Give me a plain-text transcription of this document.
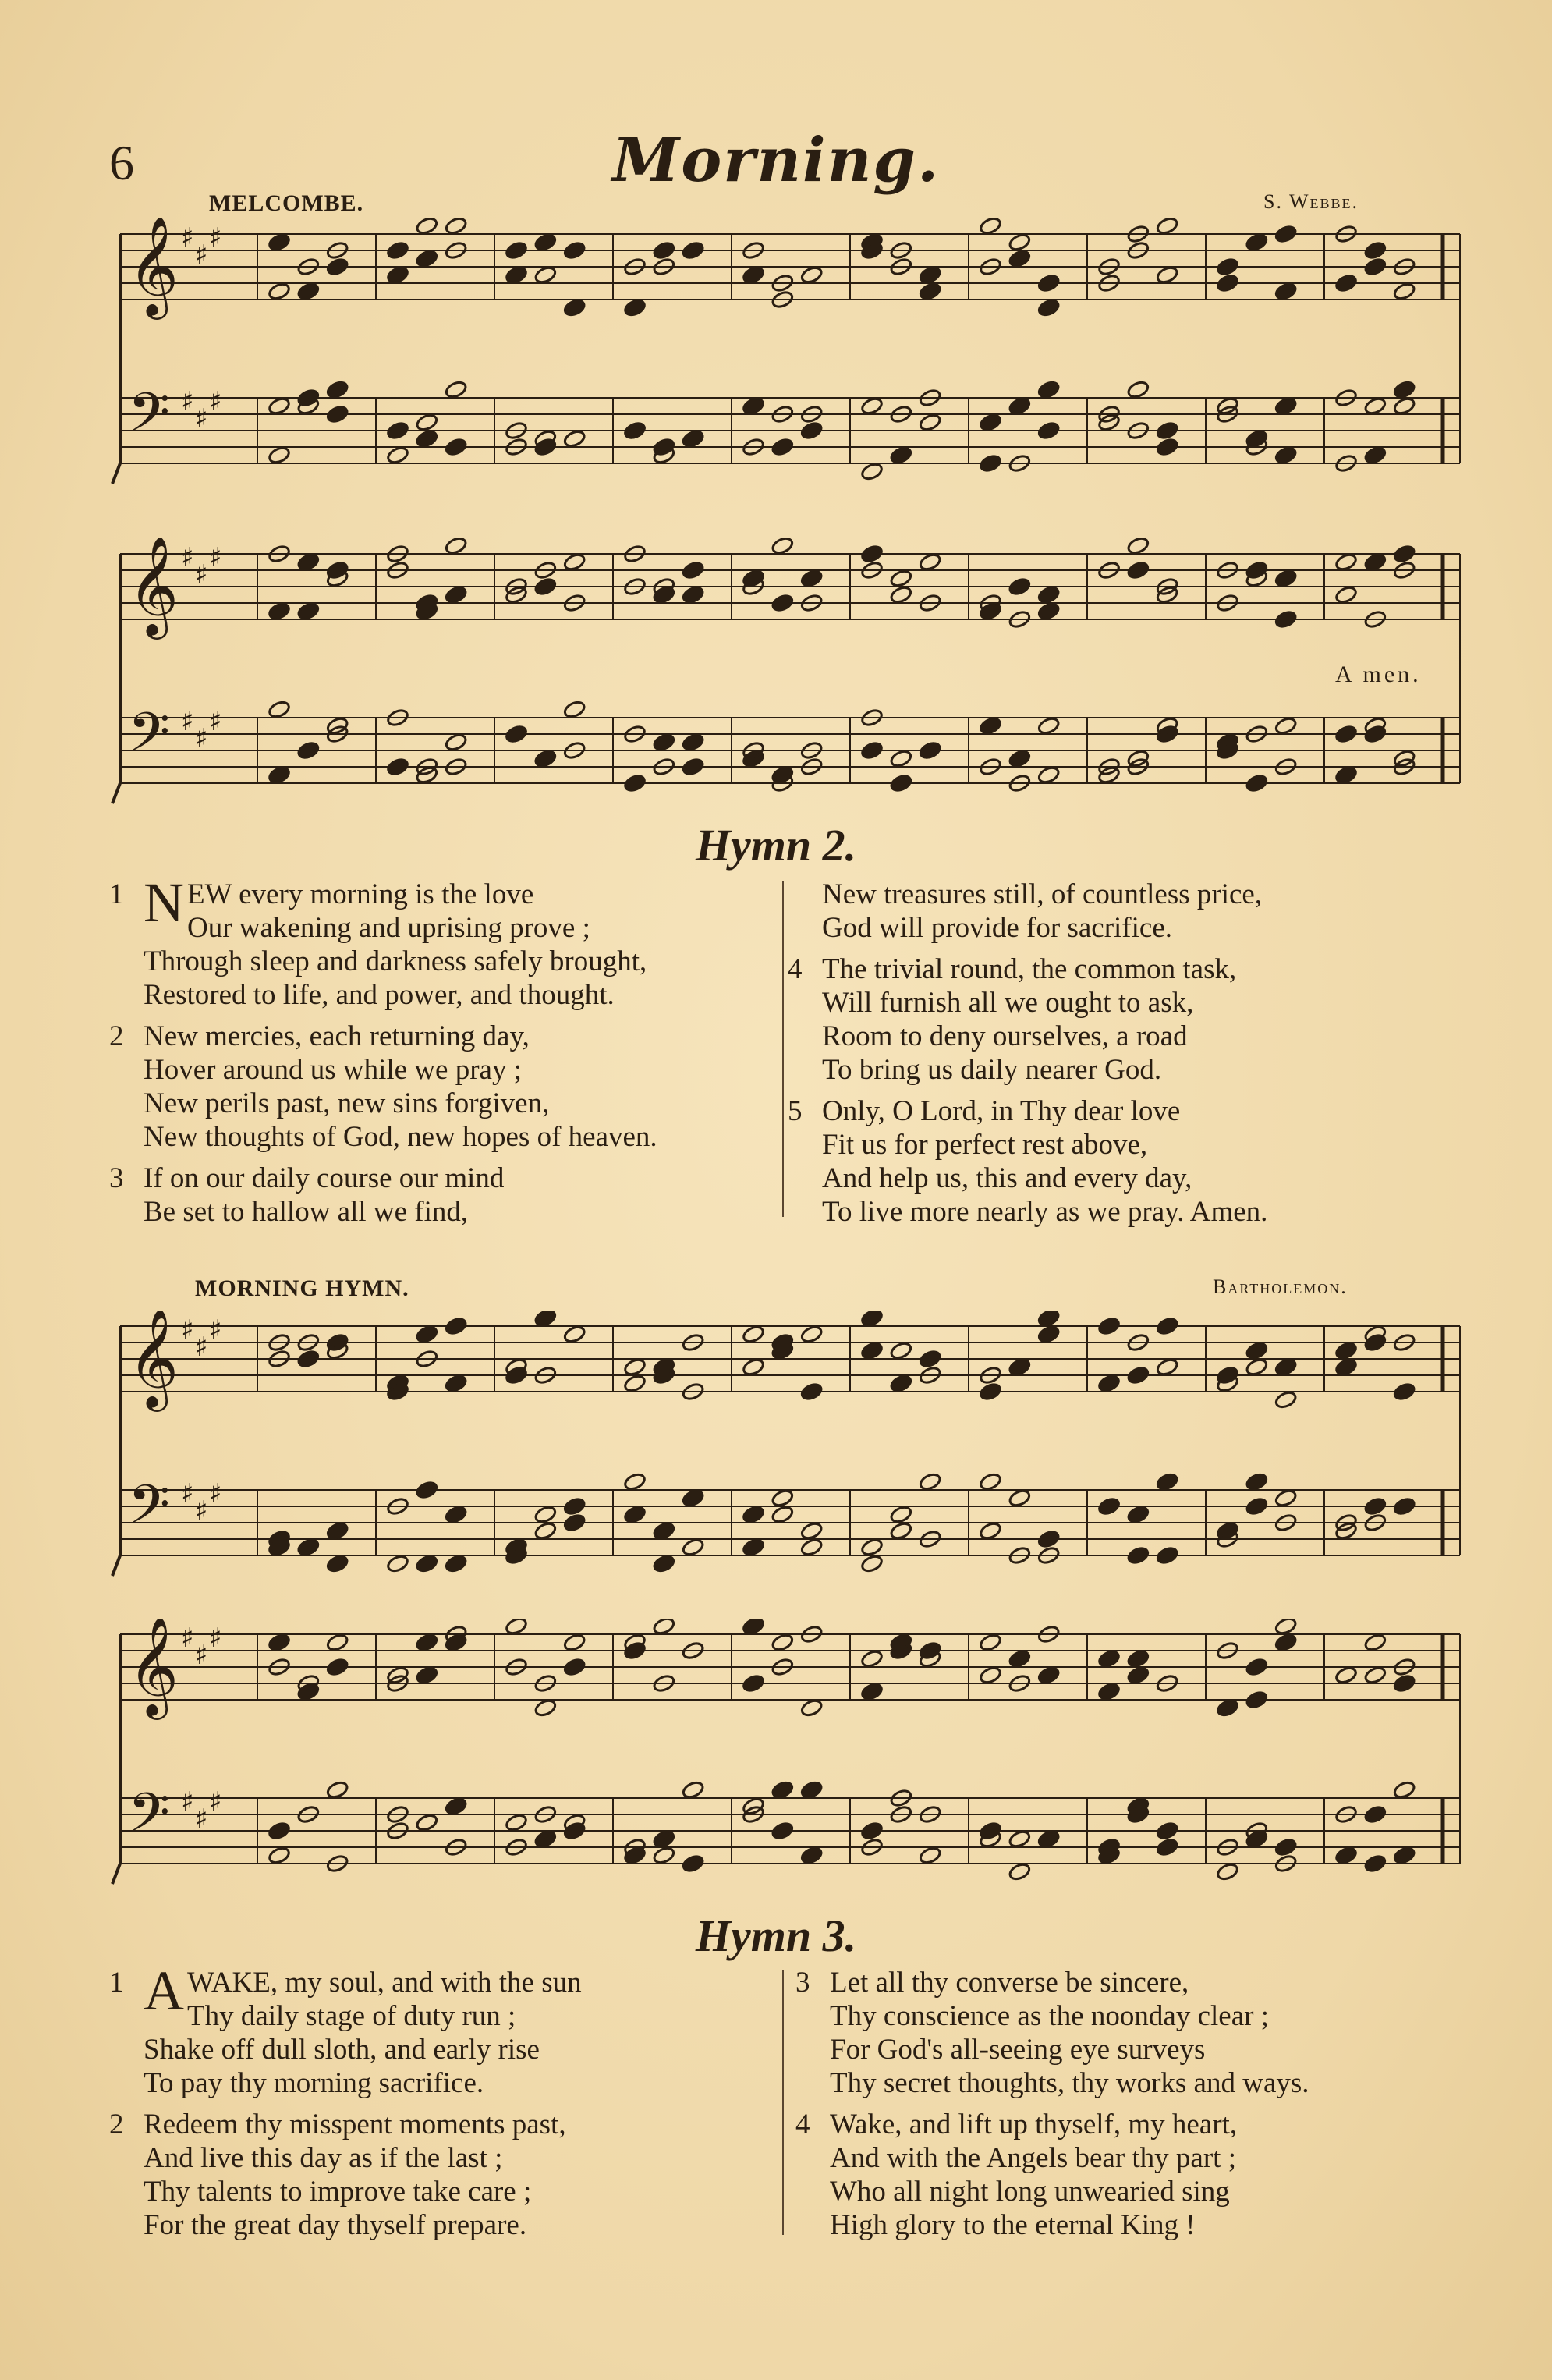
6	Morning.
MELCOMBE.	S. Webbe.
𝄞 ♯
♯
♯
𝄢 ♯
♯
♯
𝄞 ♯
♯
♯
𝄢 ♯
♯
♯
A men.
Hymn 2.
1 N EW every morning is the love
Our wakening and uprising prove ;
Through sleep and darkness safely brought,
Restored to life, and power, and thought.
2 New mercies, each returning day,
Hover around us while we pray ;
New perils past, new sins forgiven,
New thoughts of God, new hopes of heaven.
3 If on our daily course our mind
Be set to hallow all we find,
New treasures still, of countless price,
God will provide for sacrifice.
4 The trivial round, the common task,
Will furnish all we ought to ask,
Room to deny ourselves, a road
To bring us daily nearer God.
5 Only, O Lord, in Thy dear love
Fit us for perfect rest above,
And help us, this and every day,
To live more nearly as we pray. Amen.
MORNING HYMN.	Bartholemon.
𝄞 ♯
♯
♯
𝄢 ♯
♯
♯
𝄞 ♯
♯
♯
𝄢 ♯
♯
♯
Hymn 3.
1 A WAKE, my soul, and with the sun
Thy daily stage of duty run ;
Shake off dull sloth, and early rise
To pay thy morning sacrifice.
2 Redeem thy misspent moments past,
And live this day as if the last ;
Thy talents to improve take care ;
For the great day thyself prepare.
3 Let all thy converse be sincere,
Thy conscience as the noonday clear ;
For God's all-seeing eye surveys
Thy secret thoughts, thy works and ways.
4 Wake, and lift up thyself, my heart,
And with the Angels bear thy part ;
Who all night long unwearied sing
High glory to the eternal King !
